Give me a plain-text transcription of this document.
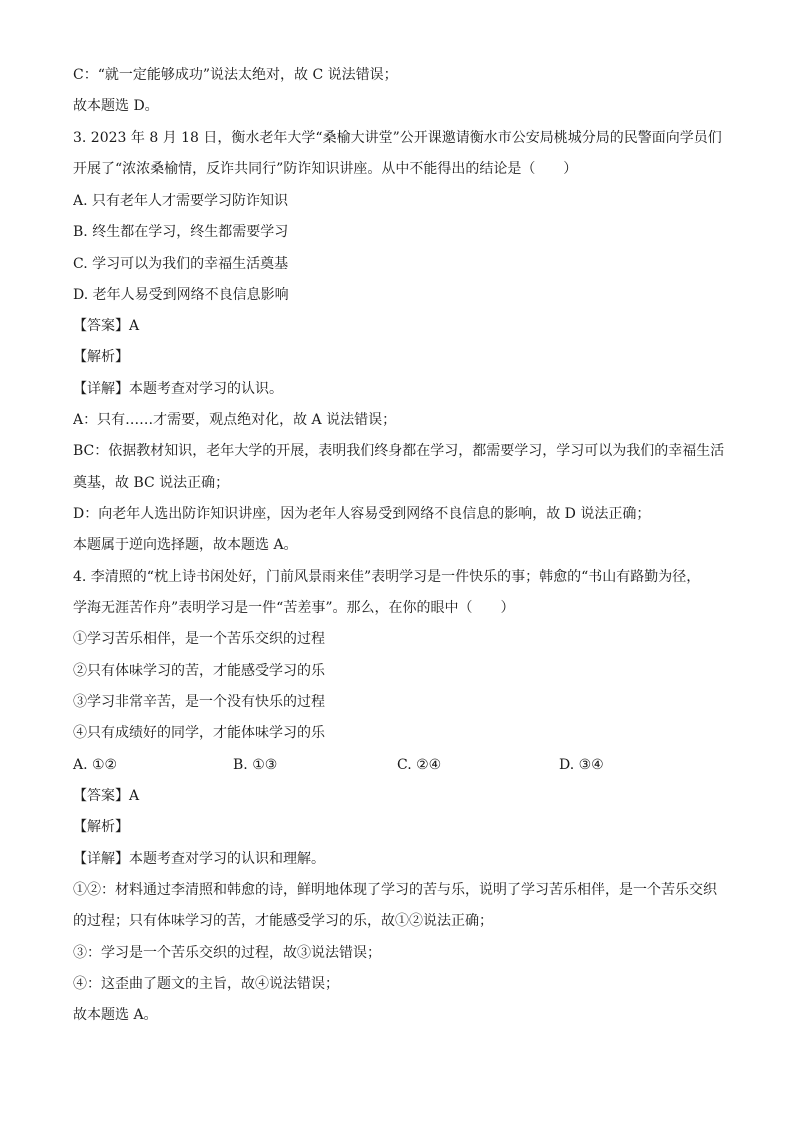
C：“就一定能够成功”说法太绝对，故 C 说法错误；
故本题选 D。
3. 2023 年 8 月 18 日，衡水老年大学“桑榆大讲堂”公开课邀请衡水市公安局桃城分局的民警面向学员们
开展了“浓浓桑榆情，反诈共同行”防诈知识讲座。从中不能得出的结论是（　　）
A. 只有老年人才需要学习防诈知识
B. 终生都在学习，终生都需要学习
C. 学习可以为我们的幸福生活奠基
D. 老年人易受到网络不良信息影响
【答案】A
【解析】
【详解】本题考查对学习的认识。
A：只有……才需要，观点绝对化，故 A 说法错误；
BC：依据教材知识，老年大学的开展，表明我们终身都在学习，都需要学习，学习可以为我们的幸福生活
奠基，故 BC 说法正确；
D：向老年人选出防诈知识讲座，因为老年人容易受到网络不良信息的影响，故 D 说法正确；
本题属于逆向选择题，故本题选 A。
4. 李清照的“枕上诗书闲处好，门前风景雨来佳”表明学习是一件快乐的事；韩愈的“书山有路勤为径，
学海无涯苦作舟”表明学习是一件“苦差事”。那么，在你的眼中（　　）
①学习苦乐相伴，是一个苦乐交织的过程
②只有体味学习的苦，才能感受学习的乐
③学习非常辛苦，是一个没有快乐的过程
④只有成绩好的同学，才能体味学习的乐
A. ①②	B. ①③	C. ②④	D. ③④
【答案】A
【解析】
【详解】本题考查对学习的认识和理解。
①②：材料通过李清照和韩愈的诗，鲜明地体现了学习的苦与乐，说明了学习苦乐相伴，是一个苦乐交织
的过程；只有体味学习的苦，才能感受学习的乐，故①②说法正确；
③：学习是一个苦乐交织的过程，故③说法错误；
④：这歪曲了题文的主旨，故④说法错误；
故本题选 A。
